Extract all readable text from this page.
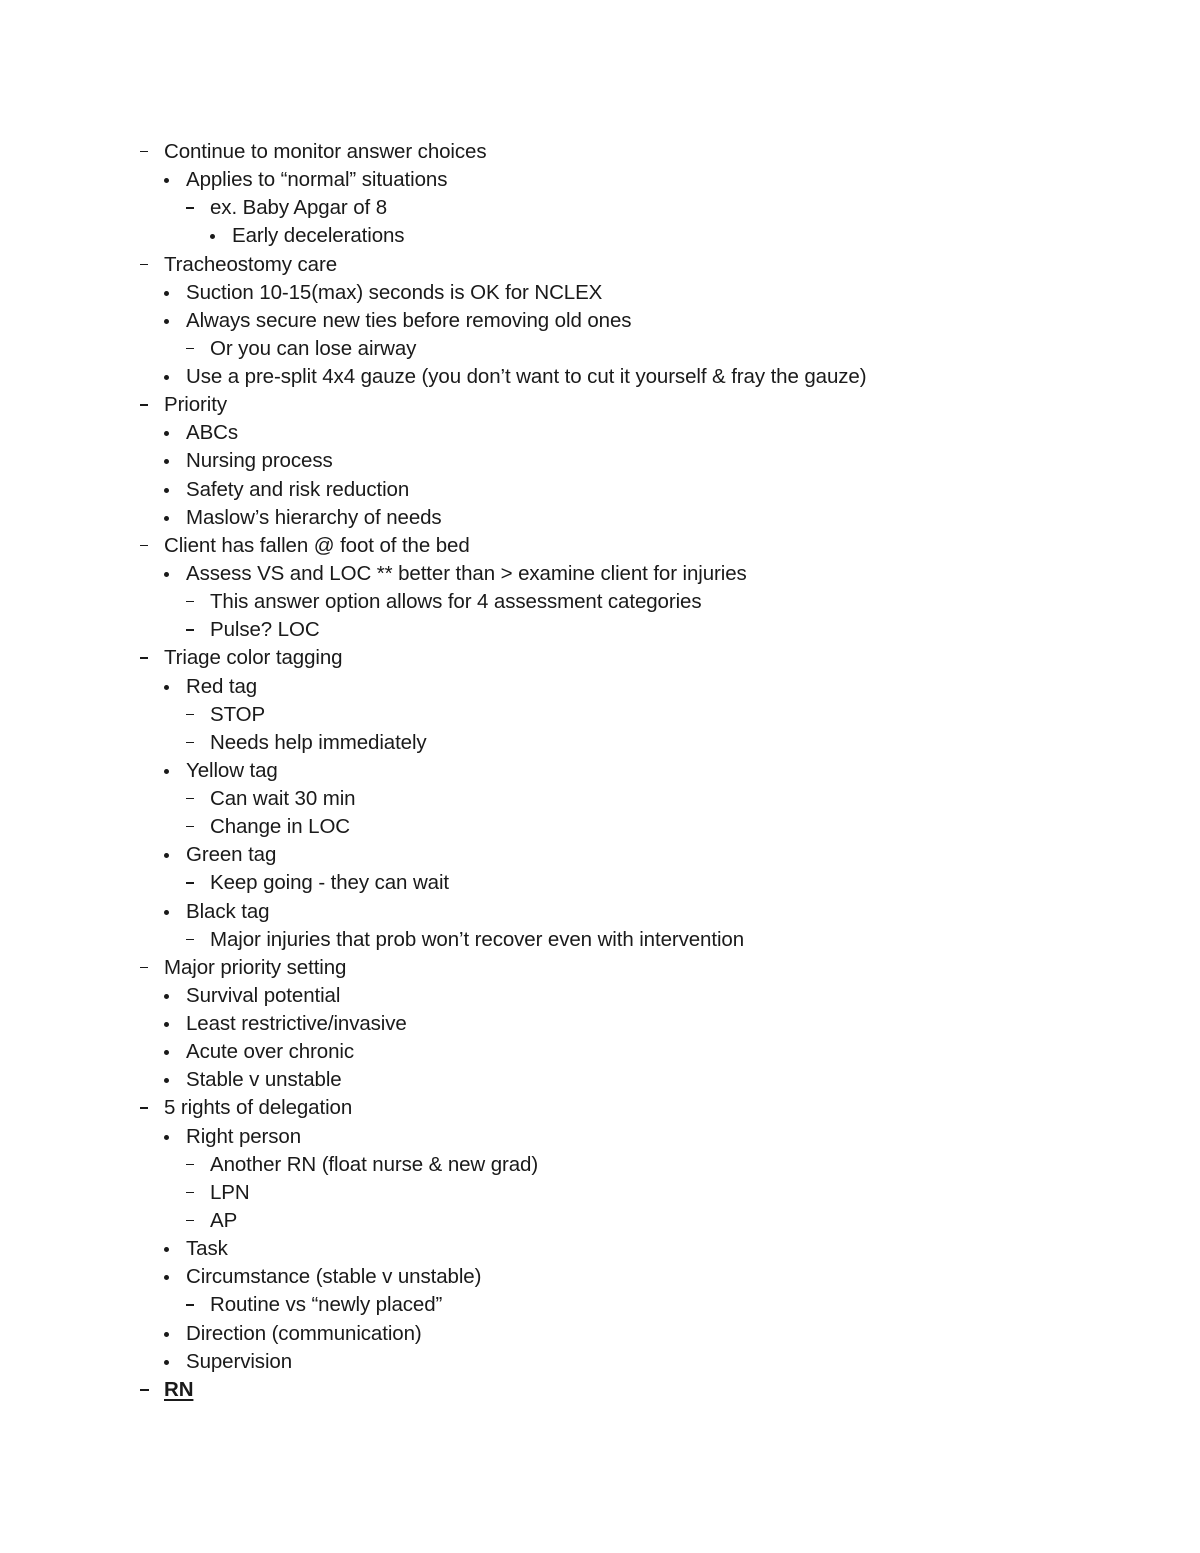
Continue to monitor answer choices
Applies to “normal” situations
ex. Baby Apgar of 8
Early decelerations
Tracheostomy care
Suction 10-15(max) seconds is OK for NCLEX
Always secure new ties before removing old ones
Or you can lose airway
Use a pre-split 4x4 gauze (you don’t want to cut it yourself & fray the gauze)
Priority
ABCs
Nursing process
Safety and risk reduction
Maslow’s hierarchy of needs
Client has fallen @ foot of the bed
Assess VS and LOC ** better than > examine client for injuries
This answer option allows for 4 assessment categories
Pulse? LOC
Triage color tagging
Red tag
STOP
Needs help immediately
Yellow tag
Can wait 30 min
Change in LOC
Green tag
Keep going - they can wait
Black tag
Major injuries that prob won’t recover even with intervention
Major priority setting
Survival potential
Least restrictive/invasive
Acute over chronic
Stable v unstable
5 rights of delegation
Right person
Another RN (float nurse & new grad)
LPN
AP
Task
Circumstance (stable v unstable)
Routine vs “newly placed”
Direction (communication)
Supervision
RN
